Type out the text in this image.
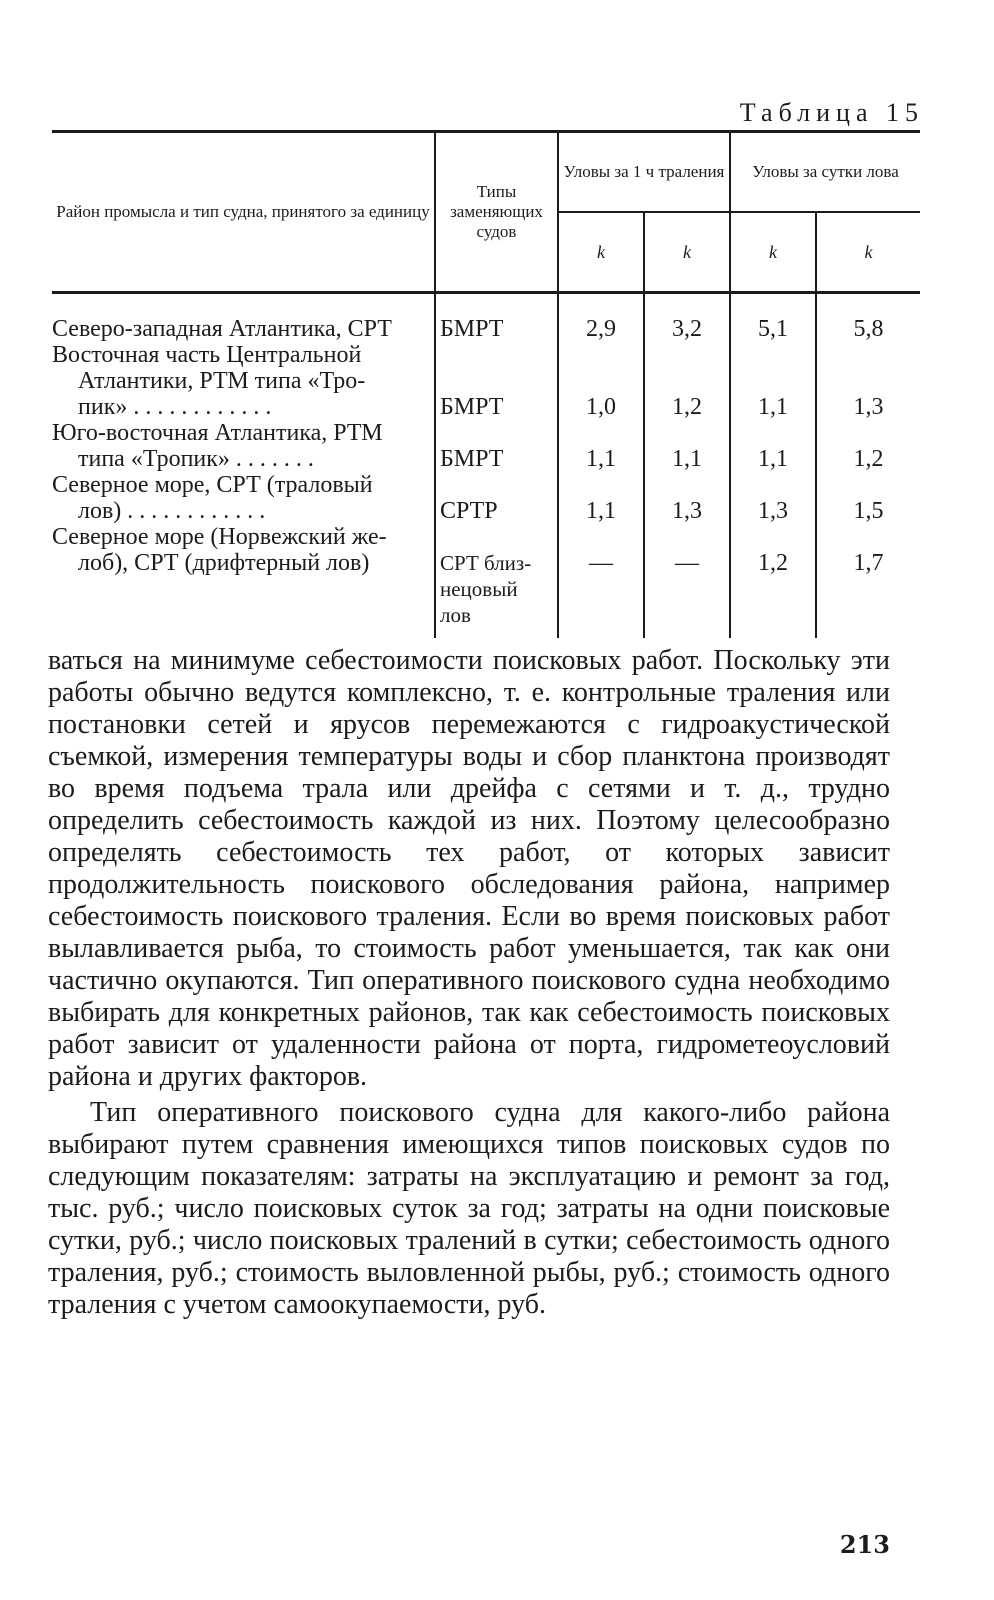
Таблица 15
Район промысла и тип судна, принятого за единицу	Типы заменяющих судов	Уловы за 1 ч траления		Уловы за сутки лова	
		k	k	k	k
Северо-западная Атлантика, СРТ	БМРТ	2,9	3,2	5,1	5,8

Восточная часть Центральной
Атлантики, РТМ типа «Тро- пик» . . . . . . . . . . . .	БМРТ	1,0	1,2	1,1	1,3

Юго-восточная Атлантика, РТМ
типа «Тропик» . . . . . . .	БМРТ	1,1	1,1	1,1	1,2

Северное море, СРТ (траловый
лов) . . . . . . . . . . . .	СРТР	1,1	1,3	1,3	1,5

Северное море (Норвежский же-
лоб), СРТ (дрифтерный лов)	СРТ близ-нецовый лов	—	—	1,2	1,7

ваться на минимуме себестоимости поисковых работ. Поскольку эти работы обычно ведутся комплексно, т. е. контрольные траления или постановки сетей и ярусов перемежаются с гидроакустической съемкой, измерения температуры воды и сбор планктона производят во время подъема трала или дрейфа с сетями и т. д., трудно определить себестоимость каждой из них. Поэтому целесообразно определять себестоимость тех работ, от которых зависит продолжительность поискового обследования района, например себестоимость поискового траления. Если во время поисковых работ вылавливается рыба, то стоимость работ уменьшается, так как они частично окупаются. Тип оперативного поискового судна необходимо выбирать для конкретных районов, так как себестоимость поисковых работ зависит от удаленности района от порта, гидрометеоусловий района и других факторов.

Тип оперативного поискового судна для какого-либо района выбирают путем сравнения имеющихся типов поисковых судов по следующим показателям: затраты на эксплуатацию и ремонт за год, тыс. руб.; число поисковых суток за год; затраты на одни поисковые сутки, руб.; число поисковых тралений в сутки; себестоимость одного траления, руб.; стоимость выловленной рыбы, руб.; стоимость одного траления с учетом самоокупаемости, руб.

213
